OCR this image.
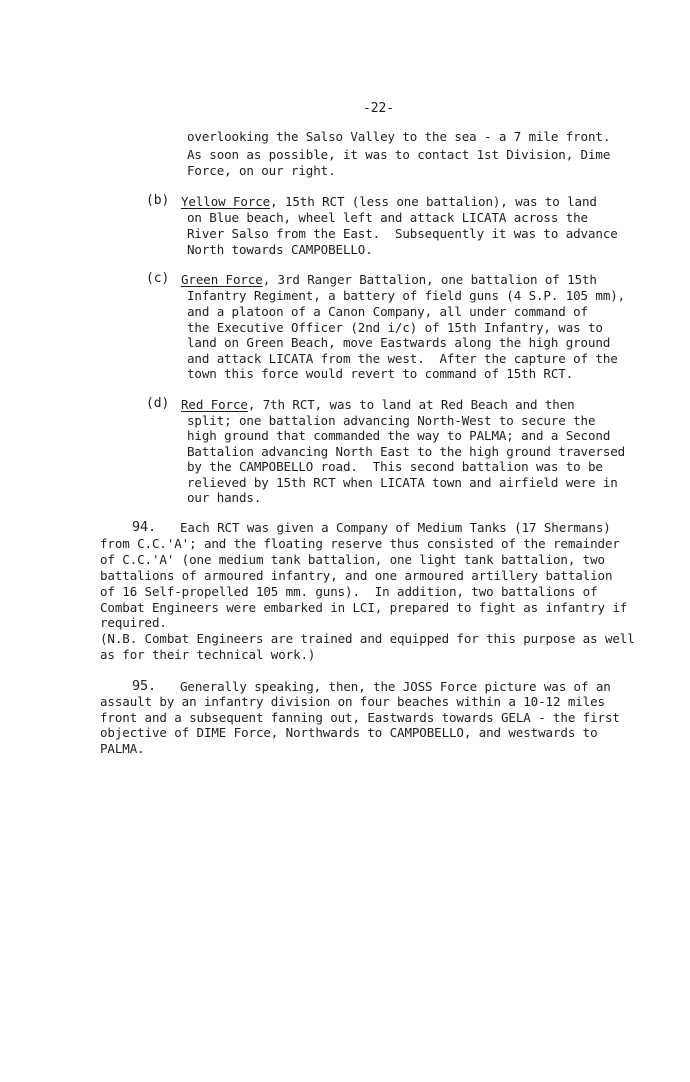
-22-
overlooking the Salso Valley to the sea - a 7 mile front.
As soon as possible, it was to contact 1st Division, Dime
Force, on our right.
(b) Yellow Force, 15th RCT (less one battalion), was to land
on Blue beach, wheel left and attack LICATA across the
River Salso from the East.  Subsequently it was to advance
North towards CAMPOBELLO.
(c) Green Force, 3rd Ranger Battalion, one battalion of 15th
Infantry Regiment, a battery of field guns (4 S.P. 105 mm),
and a platoon of a Canon Company, all under command of
the Executive Officer (2nd i/c) of 15th Infantry, was to
land on Green Beach, move Eastwards along the high ground
and attack LICATA from the west.  After the capture of the
town this force would revert to command of 15th RCT.
(d) Red Force, 7th RCT, was to land at Red Beach and then
split; one battalion advancing North-West to secure the
high ground that commanded the way to PALMA; and a Second
Battalion advancing North East to the high ground traversed
by the CAMPOBELLO road.  This second battalion was to be
relieved by 15th RCT when LICATA town and airfield were in
our hands.
94. Each RCT was given a Company of Medium Tanks (17 Shermans)
from C.C.'A'; and the floating reserve thus consisted of the remainder
of C.C.'A' (one medium tank battalion, one light tank battalion, two
battalions of armoured infantry, and one armoured artillery battalion
of 16 Self-propelled 105 mm. guns).  In addition, two battalions of
Combat Engineers were embarked in LCI, prepared to fight as infantry if
required.
(N.B. Combat Engineers are trained and equipped for this purpose as well
as for their technical work.)
95. Generally speaking, then, the JOSS Force picture was of an
assault by an infantry division on four beaches within a 10-12 miles
front and a subsequent fanning out, Eastwards towards GELA - the first
objective of DIME Force, Northwards to CAMPOBELLO, and westwards to
PALMA.
